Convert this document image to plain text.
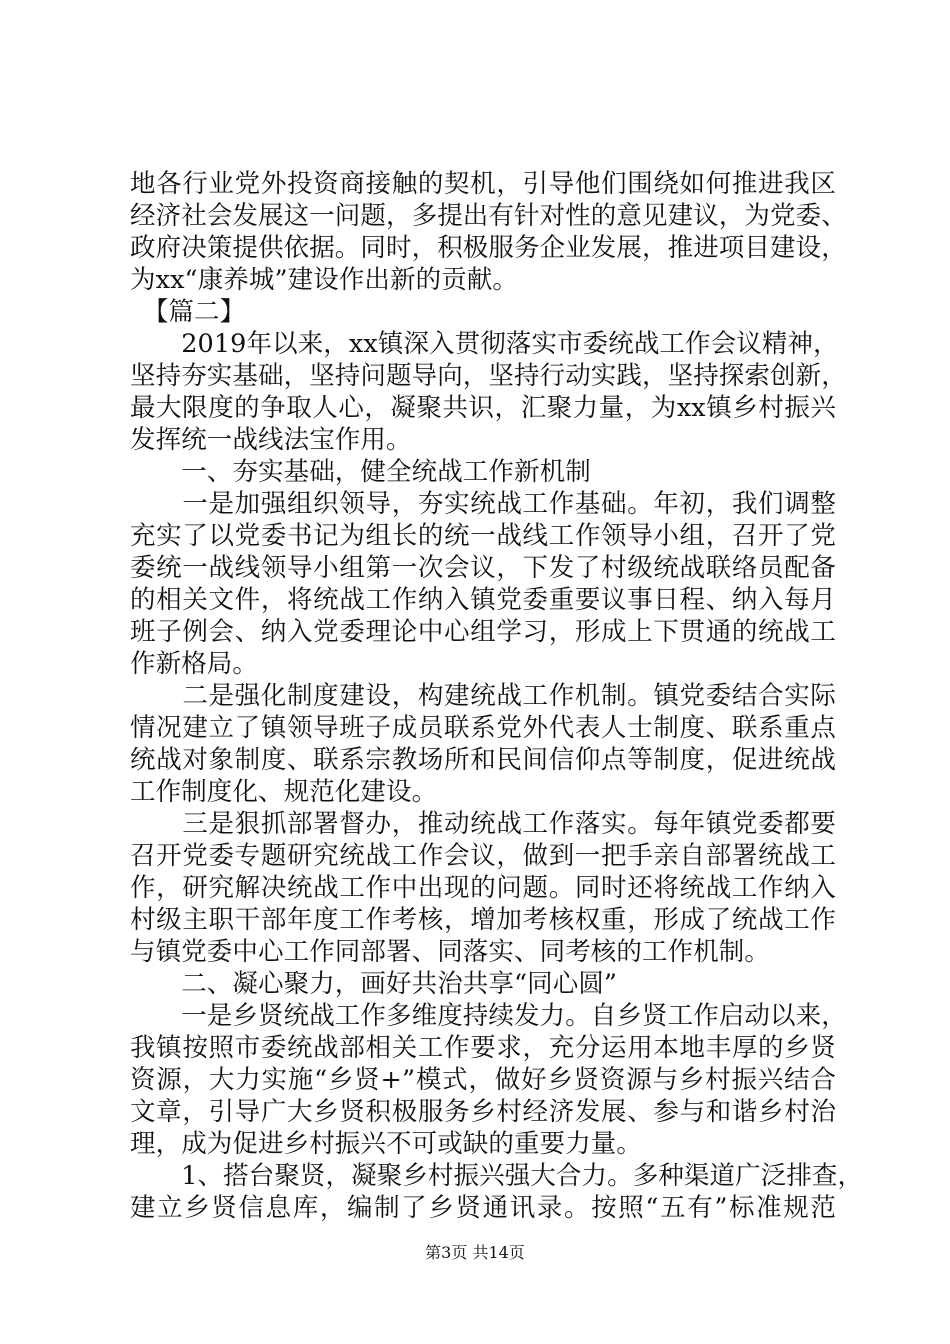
地各行业党外投资商接触的契机，引导他们围绕如何推进我区
经济社会发展这一问题，多提出有针对性的意见建议，为党委、
政府决策提供依据。同时，积极服务企业发展，推进项目建设，
为xx“康养城”建设作出新的贡献。
　【篇二】
　　2019年以来，xx镇深入贯彻落实市委统战工作会议精神，
坚持夯实基础，坚持问题导向，坚持行动实践，坚持探索创新，
最大限度的争取人心，凝聚共识，汇聚力量，为xx镇乡村振兴
发挥统一战线法宝作用。
　　一、夯实基础，健全统战工作新机制
　　一是加强组织领导，夯实统战工作基础。年初，我们调整
充实了以党委书记为组长的统一战线工作领导小组，召开了党
委统一战线领导小组第一次会议，下发了村级统战联络员配备
的相关文件，将统战工作纳入镇党委重要议事日程、纳入每月
班子例会、纳入党委理论中心组学习，形成上下贯通的统战工
作新格局。
　　二是强化制度建设，构建统战工作机制。镇党委结合实际
情况建立了镇领导班子成员联系党外代表人士制度、联系重点
统战对象制度、联系宗教场所和民间信仰点等制度，促进统战
工作制度化、规范化建设。
　　三是狠抓部署督办，推动统战工作落实。每年镇党委都要
召开党委专题研究统战工作会议，做到一把手亲自部署统战工
作，研究解决统战工作中出现的问题。同时还将统战工作纳入
村级主职干部年度工作考核，增加考核权重，形成了统战工作
与镇党委中心工作同部署、同落实、同考核的工作机制。
　　二、凝心聚力，画好共治共享“同心圆”
　　一是乡贤统战工作多维度持续发力。自乡贤工作启动以来，
我镇按照市委统战部相关工作要求，充分运用本地丰厚的乡贤
资源，大力实施“乡贤+”模式，做好乡贤资源与乡村振兴结合
文章，引导广大乡贤积极服务乡村经济发展、参与和谐乡村治
理，成为促进乡村振兴不可或缺的重要力量。
　　1、搭台聚贤，凝聚乡村振兴强大合力。多种渠道广泛排查，
建立乡贤信息库，编制了乡贤通讯录。按照“五有”标准规范
第3页 共14页
